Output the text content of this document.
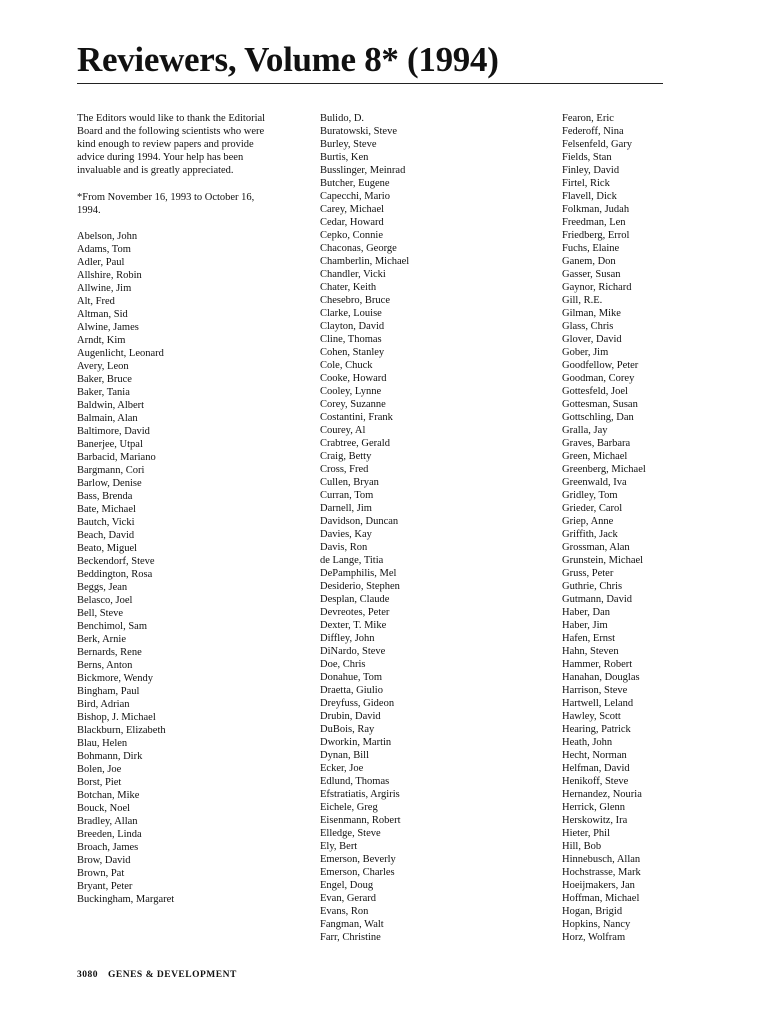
Reviewers, Volume 8* (1994)

The Editors would like to thank the Editorial Board and the following scientists who were kind enough to review papers and provide advice during 1994. Your help has been invaluable and is greatly appreciated.

*From November 16, 1993 to October 16, 1994.

Abelson, John
Adams, Tom
Adler, Paul
Allshire, Robin
Allwine, Jim
Alt, Fred
Altman, Sid
Alwine, James
Arndt, Kim
Augenlicht, Leonard
Avery, Leon
Baker, Bruce
Baker, Tania
Baldwin, Albert
Balmain, Alan
Baltimore, David
Banerjee, Utpal
Barbacid, Mariano
Bargmann, Cori
Barlow, Denise
Bass, Brenda
Bate, Michael
Bautch, Vicki
Beach, David
Beato, Miguel
Beckendorf, Steve
Beddington, Rosa
Beggs, Jean
Belasco, Joel
Bell, Steve
Benchimol, Sam
Berk, Arnie
Bernards, Rene
Berns, Anton
Bickmore, Wendy
Bingham, Paul
Bird, Adrian
Bishop, J. Michael
Blackburn, Elizabeth
Blau, Helen
Bohmann, Dirk
Bolen, Joe
Borst, Piet
Botchan, Mike
Bouck, Noel
Bradley, Allan
Breeden, Linda
Broach, James
Brow, David
Brown, Pat
Bryant, Peter
Buckingham, Margaret
Bulido, D.
Buratowski, Steve
Burley, Steve
Burtis, Ken
Busslinger, Meinrad
Butcher, Eugene
Capecchi, Mario
Carey, Michael
Cedar, Howard
Cepko, Connie
Chaconas, George
Chamberlin, Michael
Chandler, Vicki
Chater, Keith
Chesebro, Bruce
Clarke, Louise
Clayton, David
Cline, Thomas
Cohen, Stanley
Cole, Chuck
Cooke, Howard
Cooley, Lynne
Corey, Suzanne
Costantini, Frank
Courey, Al
Crabtree, Gerald
Craig, Betty
Cross, Fred
Cullen, Bryan
Curran, Tom
Darnell, Jim
Davidson, Duncan
Davies, Kay
Davis, Ron
de Lange, Titia
DePamphilis, Mel
Desiderio, Stephen
Desplan, Claude
Devreotes, Peter
Dexter, T. Mike
Diffley, John
DiNardo, Steve
Doe, Chris
Donahue, Tom
Draetta, Giulio
Dreyfuss, Gideon
Drubin, David
DuBois, Ray
Dworkin, Martin
Dynan, Bill
Ecker, Joe
Edlund, Thomas
Efstratiatis, Argiris
Eichele, Greg
Eisenmann, Robert
Elledge, Steve
Ely, Bert
Emerson, Beverly
Emerson, Charles
Engel, Doug
Evan, Gerard
Evans, Ron
Fangman, Walt
Farr, Christine
Fearon, Eric
Federoff, Nina
Felsenfeld, Gary
Fields, Stan
Finley, David
Firtel, Rick
Flavell, Dick
Folkman, Judah
Freedman, Len
Friedberg, Errol
Fuchs, Elaine
Ganem, Don
Gasser, Susan
Gaynor, Richard
Gill, R.E.
Gilman, Mike
Glass, Chris
Glover, David
Gober, Jim
Goodfellow, Peter
Goodman, Corey
Gottesfeld, Joel
Gottesman, Susan
Gottschling, Dan
Gralla, Jay
Graves, Barbara
Green, Michael
Greenberg, Michael
Greenwald, Iva
Gridley, Tom
Grieder, Carol
Griep, Anne
Griffith, Jack
Grossman, Alan
Grunstein, Michael
Gruss, Peter
Guthrie, Chris
Gutmann, David
Haber, Dan
Haber, Jim
Hafen, Ernst
Hahn, Steven
Hammer, Robert
Hanahan, Douglas
Harrison, Steve
Hartwell, Leland
Hawley, Scott
Hearing, Patrick
Heath, John
Hecht, Norman
Helfman, David
Henikoff, Steve
Hernandez, Nouria
Herrick, Glenn
Herskowitz, Ira
Hieter, Phil
Hill, Bob
Hinnebusch, Allan
Hochstrasse, Mark
Hoeijmakers, Jan
Hoffman, Michael
Hogan, Brigid
Hopkins, Nancy
Horz, Wolfram
3080 GENES & DEVELOPMENT
